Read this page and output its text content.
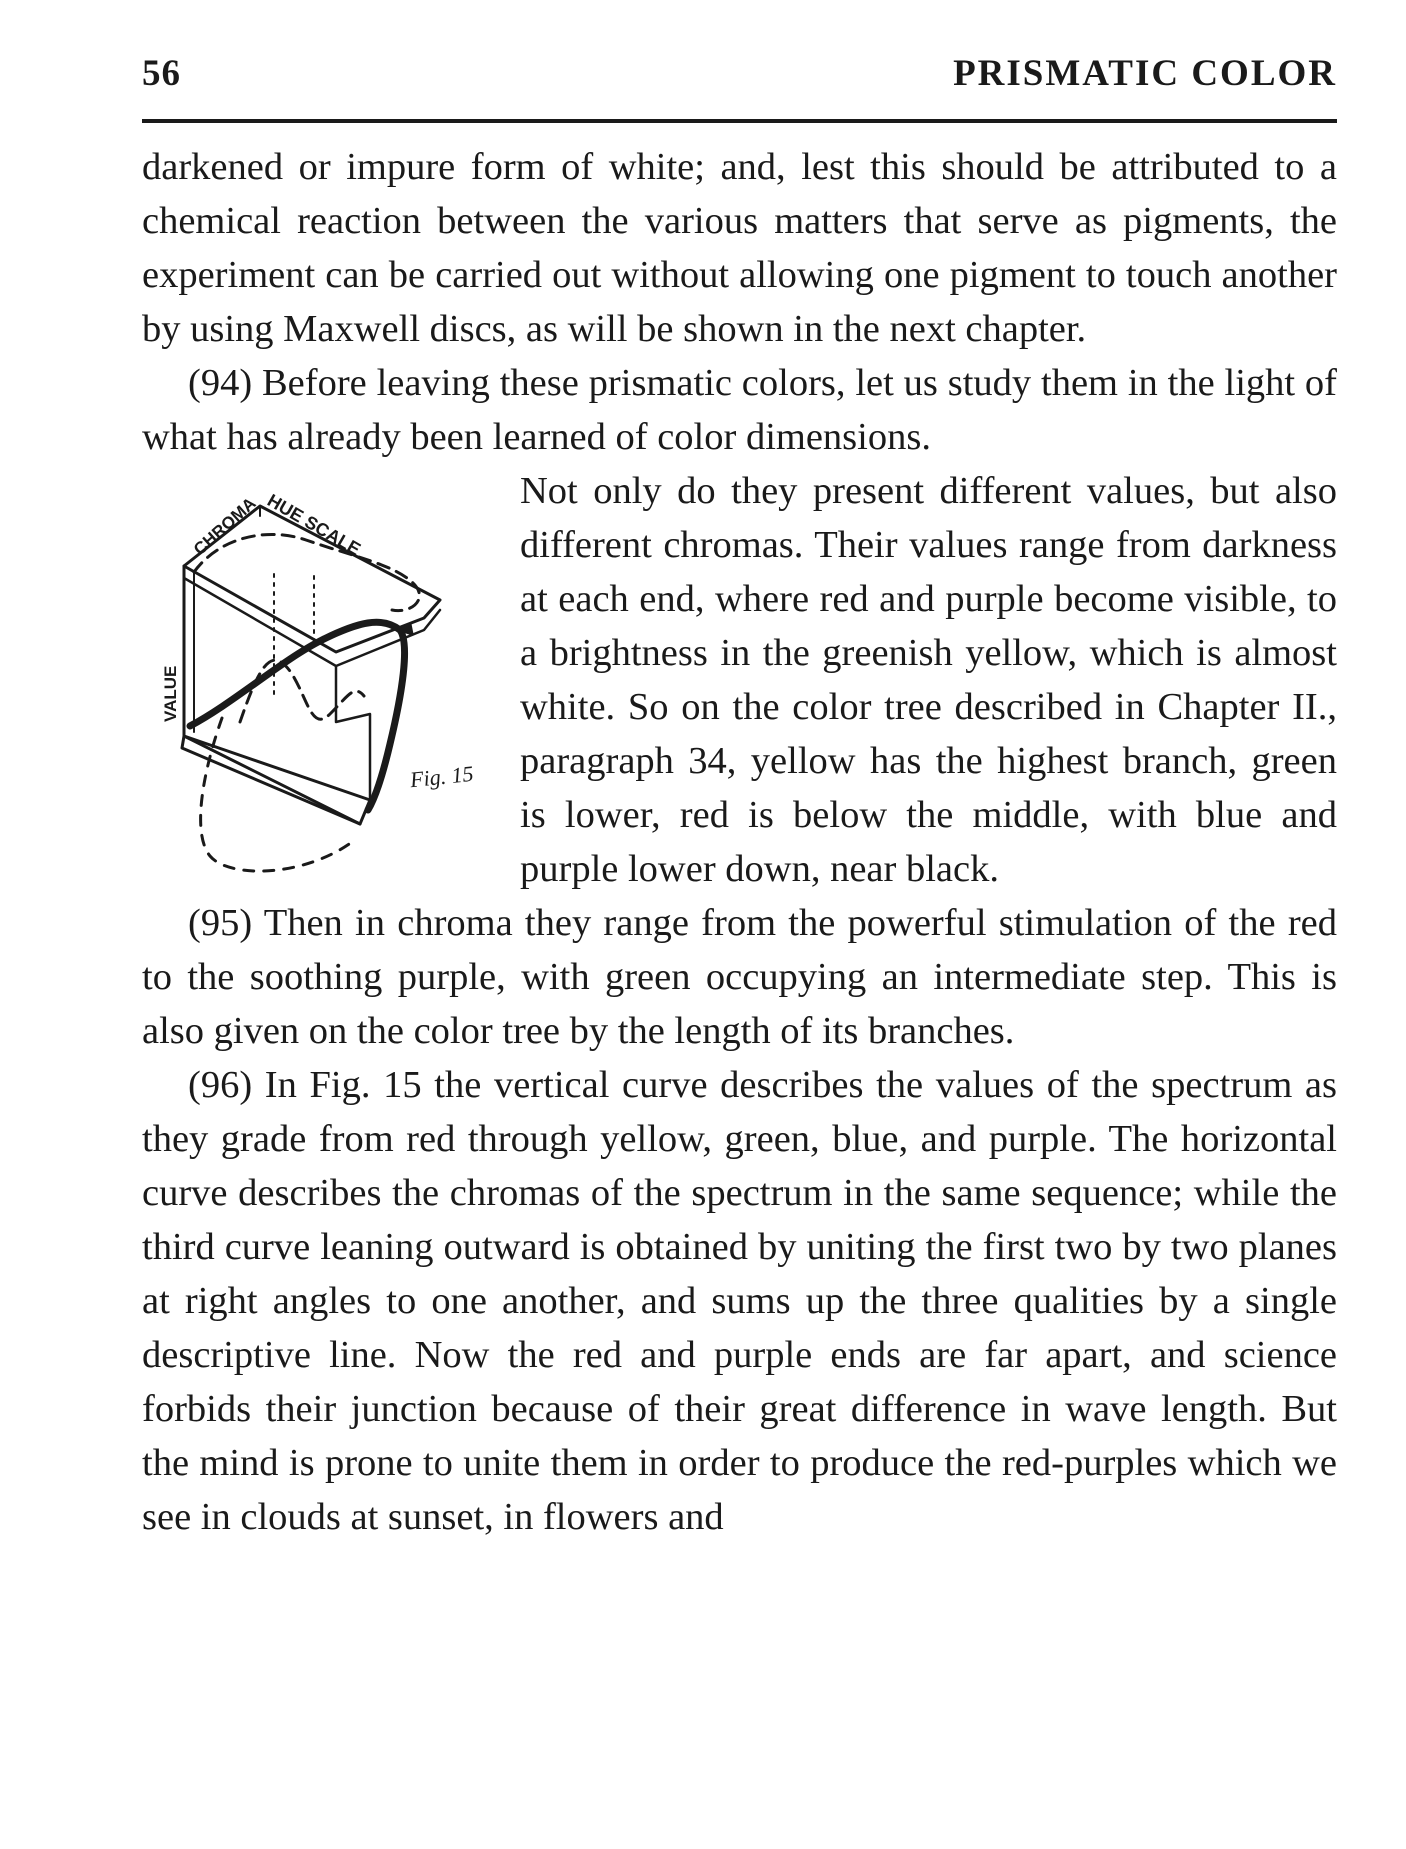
56	PRISMATIC COLOR

darkened or impure form of white; and, lest this should be attributed to a chemical reaction between the various matters that serve as pigments, the experiment can be carried out without allowing one pigment to touch another by using Maxwell discs, as will be shown in the next chapter.

(94) Before leaving these prismatic colors, let us study them in the light of what has already been learned of color dimensions.

CHROMA HUE SCALE
VALUE
Fig. 15

Not only do they present different values, but also different chromas. Their values range from darkness at each end, where red and purple become visible, to a brightness in the greenish yellow, which is almost white. So on the color tree described in Chapter II., paragraph 34, yellow has the highest branch, green is lower, red is below the middle, with blue and purple lower down, near black.

(95) Then in chroma they range from the powerful stimulation of the red to the soothing purple, with green occupying an intermediate step. This is also given on the color tree by the length of its branches.

(96) In Fig. 15 the vertical curve describes the values of the spectrum as they grade from red through yellow, green, blue, and purple. The horizontal curve describes the chromas of the spectrum in the same sequence; while the third curve leaning outward is obtained by uniting the first two by two planes at right angles to one another, and sums up the three qualities by a single descriptive line. Now the red and purple ends are far apart, and science forbids their junction because of their great difference in wave length. But the mind is prone to unite them in order to produce the red-purples which we see in clouds at sunset, in flowers and
